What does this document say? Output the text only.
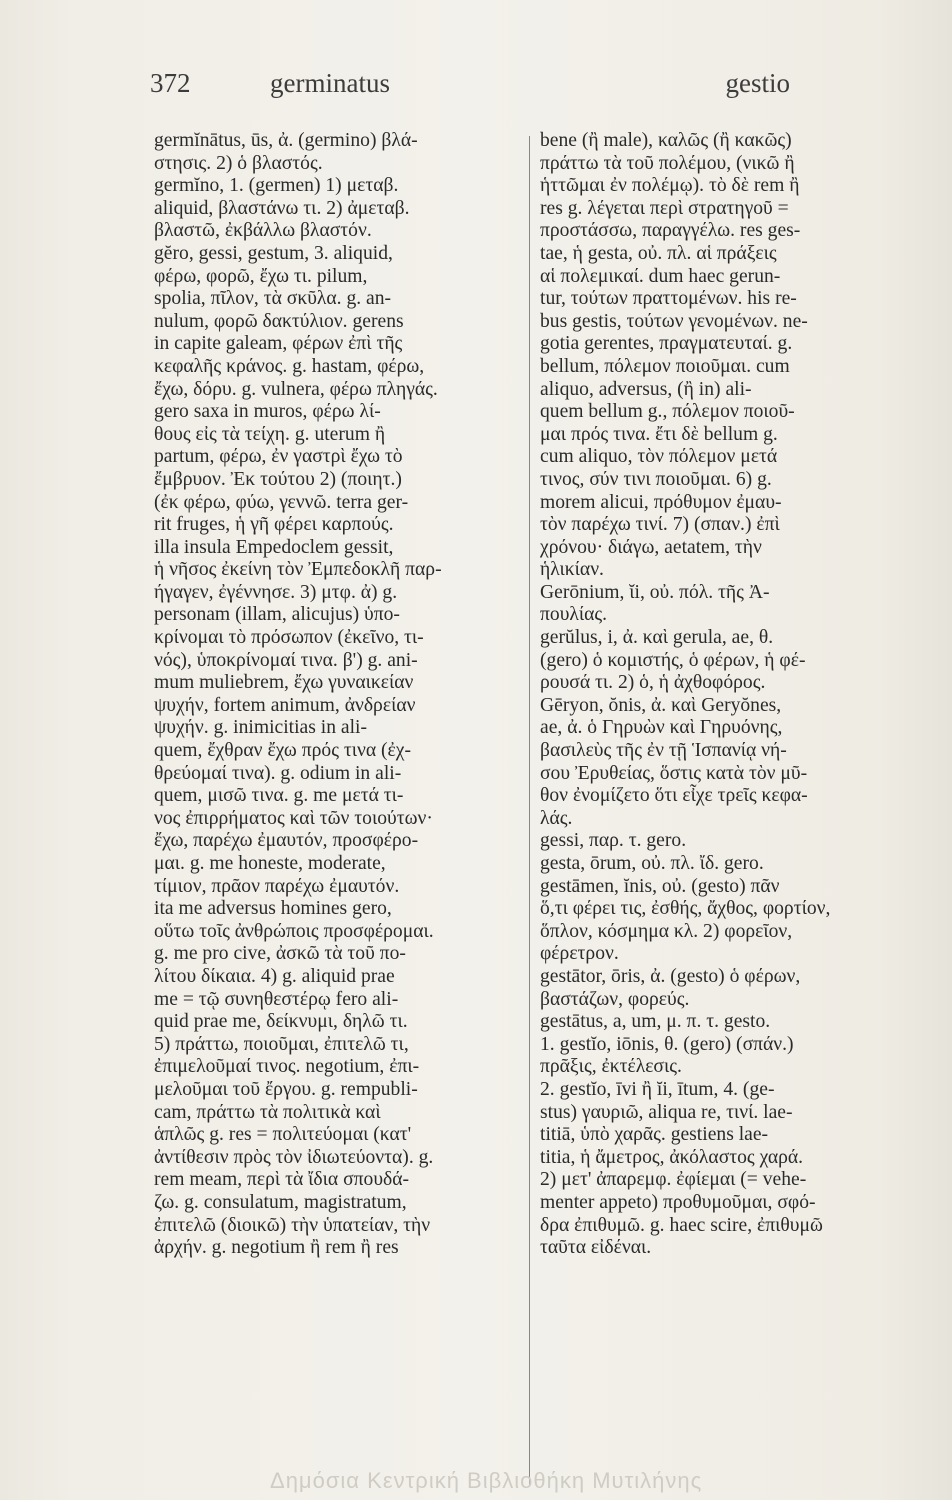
372	germinatus	gestio
germĭnātus, ūs, ἀ. (germino) βλά-
στησις. 2) ὁ βλαστός.
germĭno, 1. (germen) 1) μεταβ.
aliquid, βλαστάνω τι. 2) ἀμεταβ.
βλαστῶ, ἐκβάλλω βλαστόν.
gĕro, gessi, gestum, 3. aliquid,
φέρω, φορῶ, ἔχω τι. pilum,
spolia, πῖλον, τὰ σκῦλα. g. an-
nulum, φορῶ δακτύλιον. gerens
in capite galeam, φέρων ἐπὶ τῆς
κεφαλῆς κράνος. g. hastam, φέρω,
ἔχω, δόρυ. g. vulnera, φέρω πληγάς.
gero saxa in muros, φέρω λί-
θους εἰς τὰ τείχη. g. uterum ἢ
partum, φέρω, ἐν γαστρὶ ἔχω τὸ
ἔμβρυον. Ἐκ τούτου 2) (ποιητ.)
(ἐκ φέρω, φύω, γεννῶ. terra ger-
rit fruges, ἡ γῆ φέρει καρπούς.
illa insula Empedoclem gessit,
ἡ νῆσος ἐκείνη τὸν Ἐμπεδοκλῆ παρ-
ήγαγεν, ἐγέννησε. 3) μτφ. ἀ) g.
personam (illam, alicujus) ὑπο-
κρίνομαι τὸ πρόσωπον (ἐκεῖνο, τι-
νός), ὑποκρίνομαί τινα. β') g. ani-
mum muliebrem, ἔχω γυναικείαν
ψυχήν, fortem animum, ἀνδρείαν
ψυχήν. g. inimicitias in ali-
quem, ἔχθραν ἔχω πρός τινα (ἐχ-
θρεύομαί τινα). g. odium in ali-
quem, μισῶ τινα. g. me μετά τι-
νος ἐπιρρήματος καὶ τῶν τοιούτων·
ἔχω, παρέχω ἐμαυτόν, προσφέρο-
μαι. g. me honeste, moderate,
τίμιον, πρᾶον παρέχω ἐμαυτόν.
ita me adversus homines gero,
οὕτω τοῖς ἀνθρώποις προσφέρομαι.
g. me pro cive, ἀσκῶ τὰ τοῦ πο-
λίτου δίκαια. 4) g. aliquid prae
me = τῷ συνηθεστέρῳ fero ali-
quid prae me, δείκνυμι, δηλῶ τι.
5) πράττω, ποιοῦμαι, ἐπιτελῶ τι,
ἐπιμελοῦμαί τινος. negotium, ἐπι-
μελοῦμαι τοῦ ἔργου. g. rempubli-
cam, πράττω τὰ πολιτικὰ καὶ
ἁπλῶς g. res = πολιτεύομαι (κατ'
ἀντίθεσιν πρὸς τὸν ἰδιωτεύοντα). g.
rem meam, περὶ τὰ ἴδια σπουδά-
ζω. g. consulatum, magistratum,
ἐπιτελῶ (διοικῶ) τὴν ὑπατείαν, τὴν
ἀρχήν. g. negotium ἢ rem ἢ res
bene (ἢ male), καλῶς (ἢ κακῶς)
πράττω τὰ τοῦ πολέμου, (νικῶ ἢ
ἡττῶμαι ἐν πολέμῳ). τὸ δὲ rem ἢ
res g. λέγεται περὶ στρατηγοῦ =
προστάσσω, παραγγέλω. res ges-
tae, ἡ gesta, οὐ. πλ. αἱ πράξεις
αἱ πολεμικαί. dum haec gerun-
tur, τούτων πραττομένων. his re-
bus gestis, τούτων γενομένων. ne-
gotia gerentes, πραγματευταί. g.
bellum, πόλεμον ποιοῦμαι. cum
aliquo, adversus, (ἢ in) ali-
quem bellum g., πόλεμον ποιοῦ-
μαι πρός τινα. ἔτι δὲ bellum g.
cum aliquo, τὸν πόλεμον μετά
τινος, σύν τινι ποιοῦμαι. 6) g.
morem alicui, πρόθυμον ἐμαυ-
τὸν παρέχω τινί. 7) (σπαν.) ἐπὶ
χρόνου· διάγω, aetatem, τὴν
ἡλικίαν.
Gerōnium, ῐi, οὐ. πόλ. τῆς Ἀ-
πουλίας.
gerŭlus, i, ἀ. καὶ gerula, ae, θ.
(gero) ὁ κομιστής, ὁ φέρων, ἡ φέ-
ρουσά τι. 2) ὁ, ἡ ἀχθοφόρος.
Gēryon, ŏnis, ἀ. καὶ Geryŏnes,
ae, ἀ. ὁ Γηρυὼν καὶ Γηρυόνης,
βασιλεὺς τῆς ἐν τῇ Ἱσπανίᾳ νή-
σου Ἐρυθείας, ὅστις κατὰ τὸν μῦ-
θον ἐνομίζετο ὅτι εἶχε τρεῖς κεφα-
λάς.
gessi, παρ. τ. gero.
gesta, ōrum, οὐ. πλ. ἴδ. gero.
gestāmen, ĭnis, οὐ. (gesto) πᾶν
ὅ,τι φέρει τις, ἐσθής, ἄχθος, φορτίον,
ὅπλον, κόσμημα κλ. 2) φορεῖον,
φέρετρον.
gestātor, ōris, ἀ. (gesto) ὁ φέρων,
βαστάζων, φορεύς.
gestātus, a, um, μ. π. τ. gesto.
1. gestĭo, iōnis, θ. (gero) (σπάν.)
πρᾶξις, ἐκτέλεσις.
2. gestĭo, īvi ἢ ĭi, ītum, 4. (ge-
stus) γαυριῶ, aliqua re, τινί. lae-
titiā, ὑπὸ χαρᾶς. gestiens lae-
titia, ἡ ἄμετρος, ἀκόλαστος χαρά.
2) μετ' ἀπαρεμφ. ἐφίεμαι (= vehe-
menter appeto) προθυμοῦμαι, σφό-
δρα ἐπιθυμῶ. g. haec scire, ἐπιθυμῶ
ταῦτα εἰδέναι.
Δημόσια Κεντρική Βιβλιοθήκη Μυτιλήνης
